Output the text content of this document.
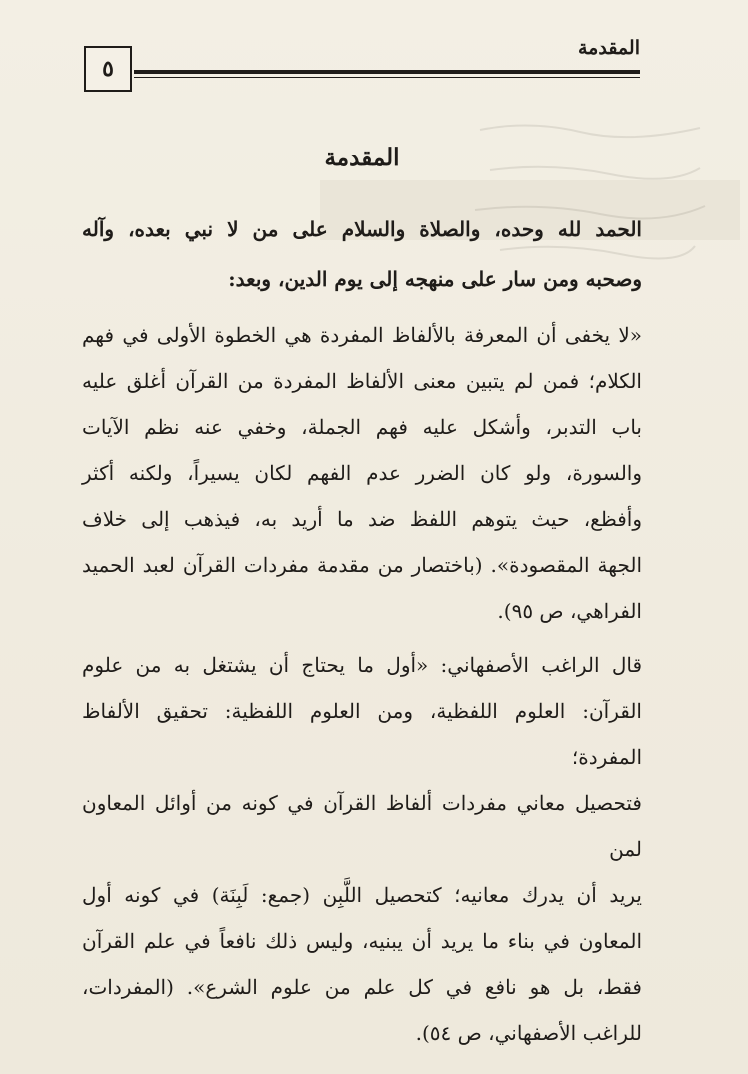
المقدمة
٥
المقدمة

الحمد لله وحده، والصلاة والسلام على من لا نبي بعده، وآله
وصحبه ومن سار على منهجه إلى يوم الدين، وبعد:

«لا يخفى أن المعرفة بالألفاظ المفردة هي الخطوة الأولى في فهم
الكلام؛ فمن لم يتبين معنى الألفاظ المفردة من القرآن أغلق عليه
باب التدبر، وأشكل عليه فهم الجملة، وخفي عنه نظم الآيات
والسورة، ولو كان الضرر عدم الفهم لكان يسيراً، ولكنه أكثر
وأفظع، حيث يتوهم اللفظ ضد ما أريد به، فيذهب إلى خلاف
الجهة المقصودة». (باختصار من مقدمة مفردات القرآن لعبد الحميد
الفراهي، ص ٩٥).

قال الراغب الأصفهاني: «أول ما يحتاج أن يشتغل به من علوم
القرآن: العلوم اللفظية، ومن العلوم اللفظية: تحقيق الألفاظ المفردة؛
فتحصيل معاني مفردات ألفاظ القرآن في كونه من أوائل المعاون لمن
يريد أن يدرك معانيه؛ كتحصيل اللَّبِن (جمع: لَبِنَة) في كونه أول
المعاون في بناء ما يريد أن يبنيه، وليس ذلك نافعاً في علم القرآن
فقط، بل هو نافع في كل علم من علوم الشرع». (المفردات،
للراغب الأصفهاني، ص ٥٤).
